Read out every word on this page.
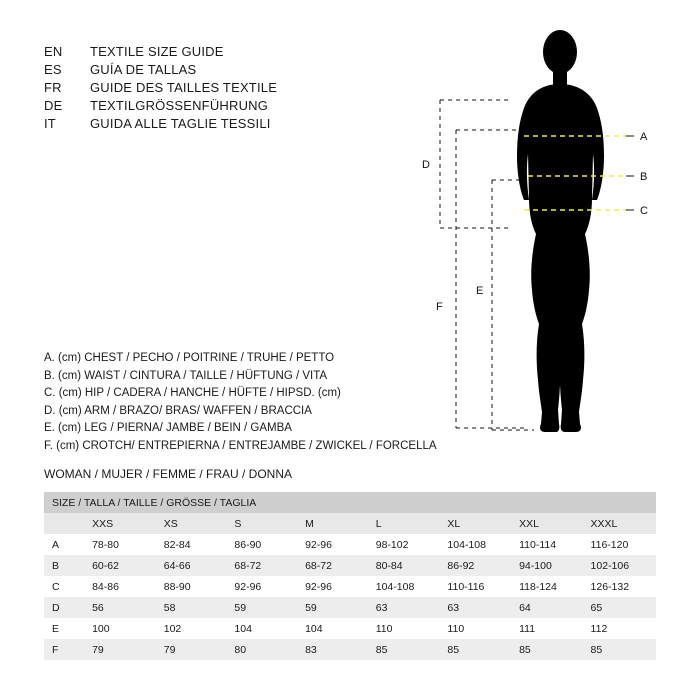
EN	TEXTILE SIZE GUIDE
ES	GUÍA DE TALLAS
FR	GUIDE DES TAILLES TEXTILE
DE	TEXTILGRÖSSENFÜHRUNG
IT	GUIDA ALLE TAGLIE TESSILI
A
B
C
D
F
E
A. (cm) CHEST / PECHO / POITRINE / TRUHE / PETTO
B. (cm) WAIST / CINTURA / TAILLE / HÜFTUNG / VITA
C. (cm) HIP / CADERA / HANCHE / HÜFTE / HIPSD. (cm)
D. (cm) ARM / BRAZO/ BRAS/ WAFFEN / BRACCIA
E. (cm) LEG / PIERNA/ JAMBE / BEIN / GAMBA
F. (cm) CROTCH/ ENTREPIERNA / ENTREJAMBE / ZWICKEL / FORCELLA
WOMAN / MUJER / FEMME / FRAU / DONNA
SIZE / TALLA / TAILLE / GRÖSSE / TAGLIA								
	XXS	XS	S	M	L	XL	XXL	XXXL
A	78-80	82-84	86-90	92-96	98-102	104-108	110-114	116-120
B	60-62	64-66	68-72	68-72	80-84	86-92	94-100	102-106
C	84-86	88-90	92-96	92-96	104-108	110-116	118-124	126-132
D	56	58	59	59	63	63	64	65
E	100	102	104	104	110	110	111	112
F	79	79	80	83	85	85	85	85
